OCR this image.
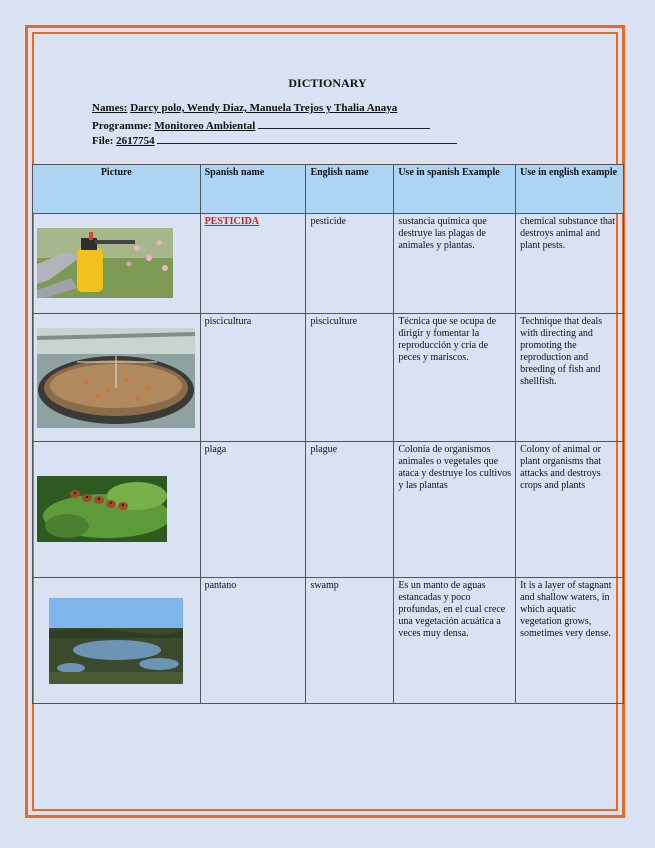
DICTIONARY
Names: Darcy polo, Wendy Diaz, Manuela Trejos y Thalia Anaya
Programme: Monitoreo Ambiental
File: 2617754
Picture	Spanish name	English name	Use in spanish Example	Use in english example

	PESTICIDA	pesticide	sustancia química que destruye las plagas de animales y plantas.	chemical substance that destroys animal and plant pests.

	piscicultura	pisciculture	Técnica que se ocupa de dirigir y fomentar la reproducción y cría de peces y mariscos.	Technique that deals with directing and promoting the reproduction and breeding of fish and shellfish.

	plaga	plague	Colonia de organismos animales o vegetales que ataca y destruye los cultivos y las plantas	Colony of animal or plant organisms that attacks and destroys crops and plants

	pantano	swamp	Es un manto de aguas estancadas y poco profundas, en el cual crece una vegetación acuática a veces muy densa.	It is a layer of stagnant and shallow waters, in which aquatic vegetation grows, sometimes very dense.
